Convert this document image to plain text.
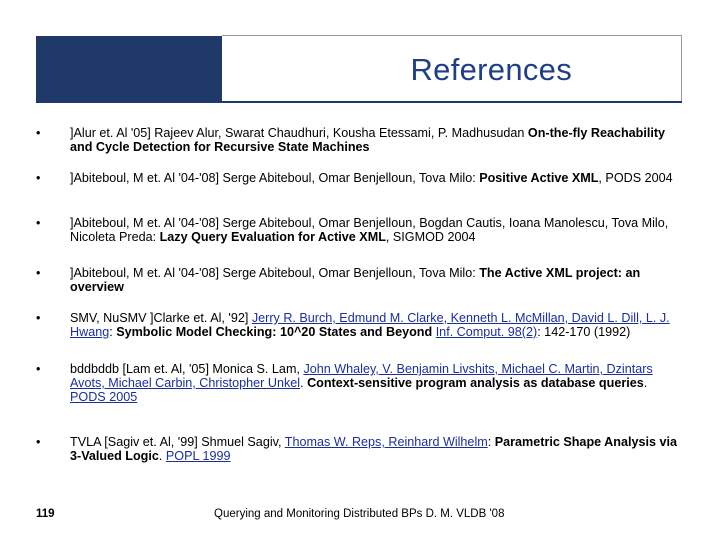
References
• ]Alur et. Al '05] Rajeev Alur, Swarat Chaudhuri, Kousha Etessami, P. Madhusudan On-the-fly Reachability and Cycle Detection for Recursive State Machines
• ]Abiteboul, M et. Al '04-'08] Serge Abiteboul, Omar Benjelloun, Tova Milo: Positive Active XML, PODS 2004
• ]Abiteboul, M et. Al '04-'08] Serge Abiteboul, Omar Benjelloun, Bogdan Cautis, Ioana Manolescu, Tova Milo, Nicoleta Preda: Lazy Query Evaluation for Active XML, SIGMOD 2004
• ]Abiteboul, M et. Al '04-'08] Serge Abiteboul, Omar Benjelloun, Tova Milo: The Active XML project: an overview
• SMV, NuSMV ]Clarke et. Al, '92] Jerry R. Burch, Edmund M. Clarke, Kenneth L. McMillan, David L. Dill, L. J. Hwang: Symbolic Model Checking: 10^20 States and Beyond Inf. Comput. 98(2): 142-170 (1992)
• bddbddb [Lam et. Al, '05] Monica S. Lam, John Whaley, V. Benjamin Livshits, Michael C. Martin, Dzintars Avots, Michael Carbin, Christopher Unkel. Context-sensitive program analysis as database queries. PODS 2005
• TVLA [Sagiv et. Al, '99] Shmuel Sagiv, Thomas W. Reps, Reinhard Wilhelm: Parametric Shape Analysis via 3-Valued Logic. POPL 1999
119	Querying and Monitoring Distributed BPs D. M. VLDB '08
